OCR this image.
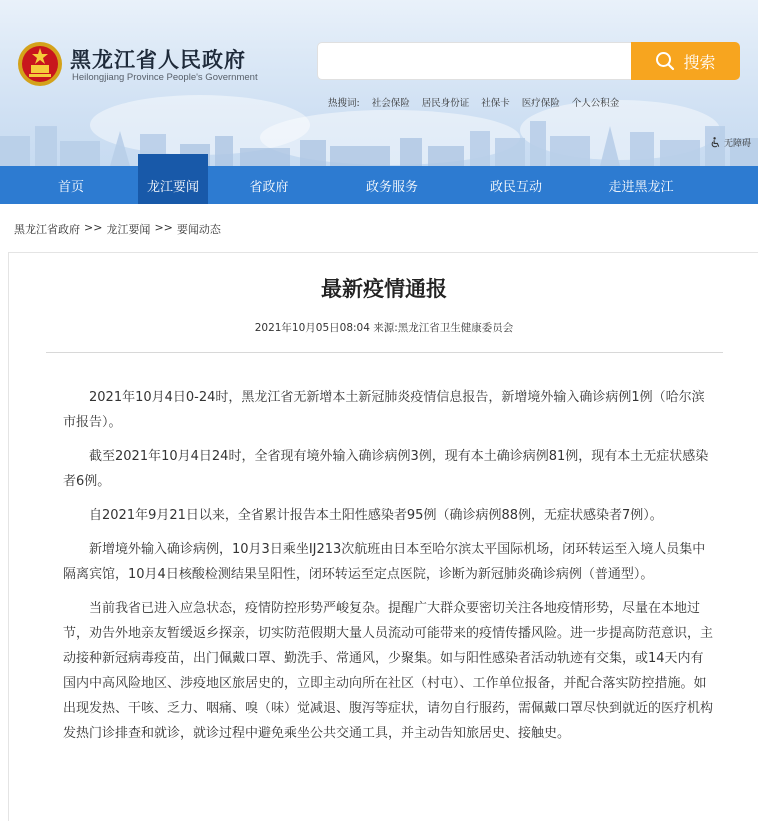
黑龙江省人民政府
Heilongjiang Province People's Government
搜索
热搜词: 社会保险 居民身份证 社保卡 医疗保险 个人公积金
无障碍
首页	龙江要闻	省政府	政务服务	政民互动	走进黑龙江
黑龙江省政府 >> 龙江要闻 >> 要闻动态
最新疫情通报
2021年10月05日08:04 来源:黑龙江省卫生健康委员会

2021年10月4日0-24时，黑龙江省无新增本土新冠肺炎疫情信息报告，新增境外输入确诊病例1例（哈尔滨市报告）。

截至2021年10月4日24时，全省现有境外输入确诊病例3例，现有本土确诊病例81例，现有本土无症状感染者6例。

自2021年9月21日以来，全省累计报告本土阳性感染者95例（确诊病例88例，无症状感染者7例）。

新增境外输入确诊病例，10月3日乘坐IJ213次航班由日本至哈尔滨太平国际机场，闭环转运至入境人员集中隔离宾馆，10月4日核酸检测结果呈阳性，闭环转运至定点医院，诊断为新冠肺炎确诊病例（普通型）。

当前我省已进入应急状态，疫情防控形势严峻复杂。提醒广大群众要密切关注各地疫情形势，尽量在本地过节，劝告外地亲友暂缓返乡探亲，切实防范假期大量人员流动可能带来的疫情传播风险。进一步提高防范意识，主动接种新冠病毒疫苗，出门佩戴口罩、勤洗手、常通风，少聚集。如与阳性感染者活动轨迹有交集，或14天内有国内中高风险地区、涉疫地区旅居史的，立即主动向所在社区（村屯）、工作单位报备，并配合落实防控措施。如出现发热、干咳、乏力、咽痛、嗅（味）觉减退、腹泻等症状，请勿自行服药，需佩戴口罩尽快到就近的医疗机构发热门诊排查和就诊，就诊过程中避免乘坐公共交通工具，并主动告知旅居史、接触史。
